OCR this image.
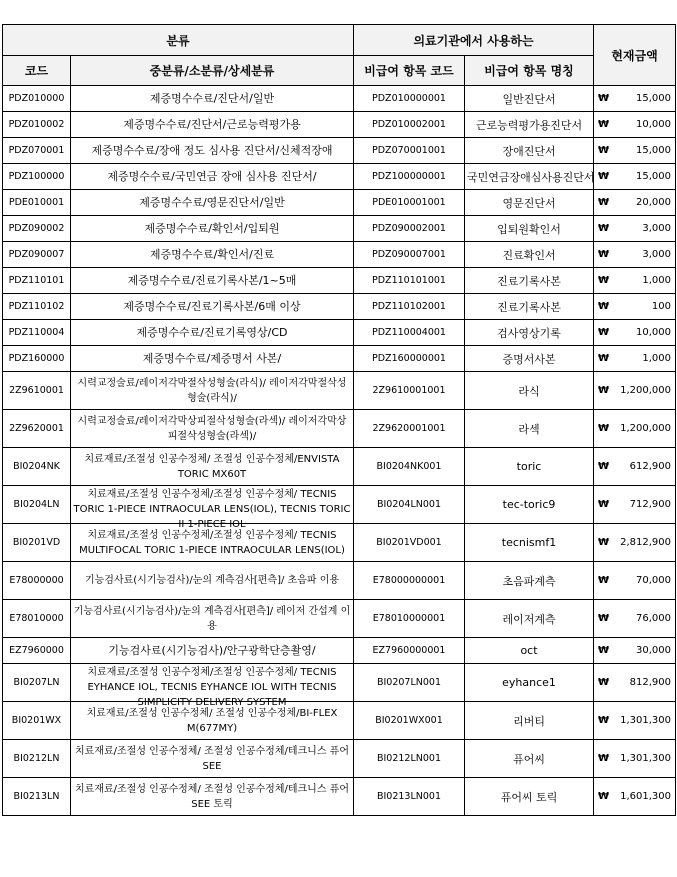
분류		의료기관에서 사용하는		현재금액
코드	중분류/소분류/상세분류	비급여 항목 코드	비급여 항목 명칭	
PDZ010000	제증명수수료/진단서/일반	PDZ010000001	일반진단서	₩ 15,000

PDZ010002	제증명수수료/진단서/근로능력평가용	PDZ010002001	근로능력평가용진단서	₩ 10,000

PDZ070001	제증명수수료/장애 정도 심사용 진단서/신체적장애	PDZ070001001	장애진단서	₩ 15,000

PDZ100000	제증명수수료/국민연금 장애 심사용 진단서/	PDZ100000001	국민연금장애심사용진단서	₩ 15,000

PDE010001	제증명수수료/영문진단서/일반	PDE010001001	영문진단서	₩ 20,000

PDZ090002	제증명수수료/확인서/입퇴원	PDZ090002001	입퇴원확인서	₩ 3,000

PDZ090007	제증명수수료/확인서/진료	PDZ090007001	진료확인서	₩ 3,000

PDZ110101	제증명수수료/진료기록사본/1~5매	PDZ110101001	진료기록사본	₩ 1,000

PDZ110102	제증명수수료/진료기록사본/6매 이상	PDZ110102001	진료기록사본	₩ 100

PDZ110004	제증명수수료/진료기록영상/CD	PDZ110004001	검사영상기록	₩ 10,000

PDZ160000	제증명수수료/제증명서 사본/	PDZ160000001	증명서사본	₩ 1,000

2Z9610001	시력교정술료/레이저각막절삭성형술(라식)/ 레이저각막절삭성형술(라식)/	2Z9610001001	라식	₩ 1,200,000

2Z9620001	시력교정술료/레이저각막상피절삭성형술(라섹)/ 레이저각막상피절삭성형술(라섹)/	2Z9620001001	라섹	₩ 1,200,000

BI0204NK	치료재료/조절성 인공수정체/ 조절성 인공수정체/ENVISTA TORIC MX60T	BI0204NK001	toric	₩ 612,900

BI0204LN	치료재료/조절성 인공수정체/조절성 인공수정체/ TECNIS TORIC 1-PIECE INTRAOCULAR LENS(IOL), TECNIS TORIC II 1-PIECE IOL	BI0204LN001	tec-toric9	₩ 712,900

BI0201VD	치료재료/조절성 인공수정체/조절성 인공수정체/ TECNIS MULTIFOCAL TORIC 1-PIECE INTRAOCULAR LENS(IOL)	BI0201VD001	tecnismf1	₩ 2,812,900

E78000000	기능검사료(시기능검사)/눈의 계측검사[편측]/ 초음파 이용	E78000000001	초음파계측	₩ 70,000

E78010000	기능검사료(시기능검사)/눈의 계측검사[편측]/ 레이저 간섭계 이용	E78010000001	레이저계측	₩ 76,000

EZ7960000	기능검사료(시기능검사)/안구광학단층촬영/	EZ7960000001	oct	₩ 30,000

BI0207LN	치료재료/조절성 인공수정체/조절성 인공수정체/ TECNIS EYHANCE IOL, TECNIS EYHANCE IOL WITH TECNIS SIMPLICITY DELIVERY SYSTEM	BI0207LN001	eyhance1	₩ 812,900

BI0201WX	치료재료/조절성 인공수정체/ 조절성 인공수정체/BI-FLEX M(677MY)	BI0201WX001	리버티	₩ 1,301,300

BI0212LN	치료재료/조절성 인공수정체/ 조절성 인공수정체/테크니스 퓨어SEE	BI0212LN001	퓨어씨	₩ 1,301,300

BI0213LN	치료재료/조절성 인공수정체/ 조절성 인공수정체/테크니스 퓨어SEE 토릭	BI0213LN001	퓨어씨 토릭	₩ 1,601,300
